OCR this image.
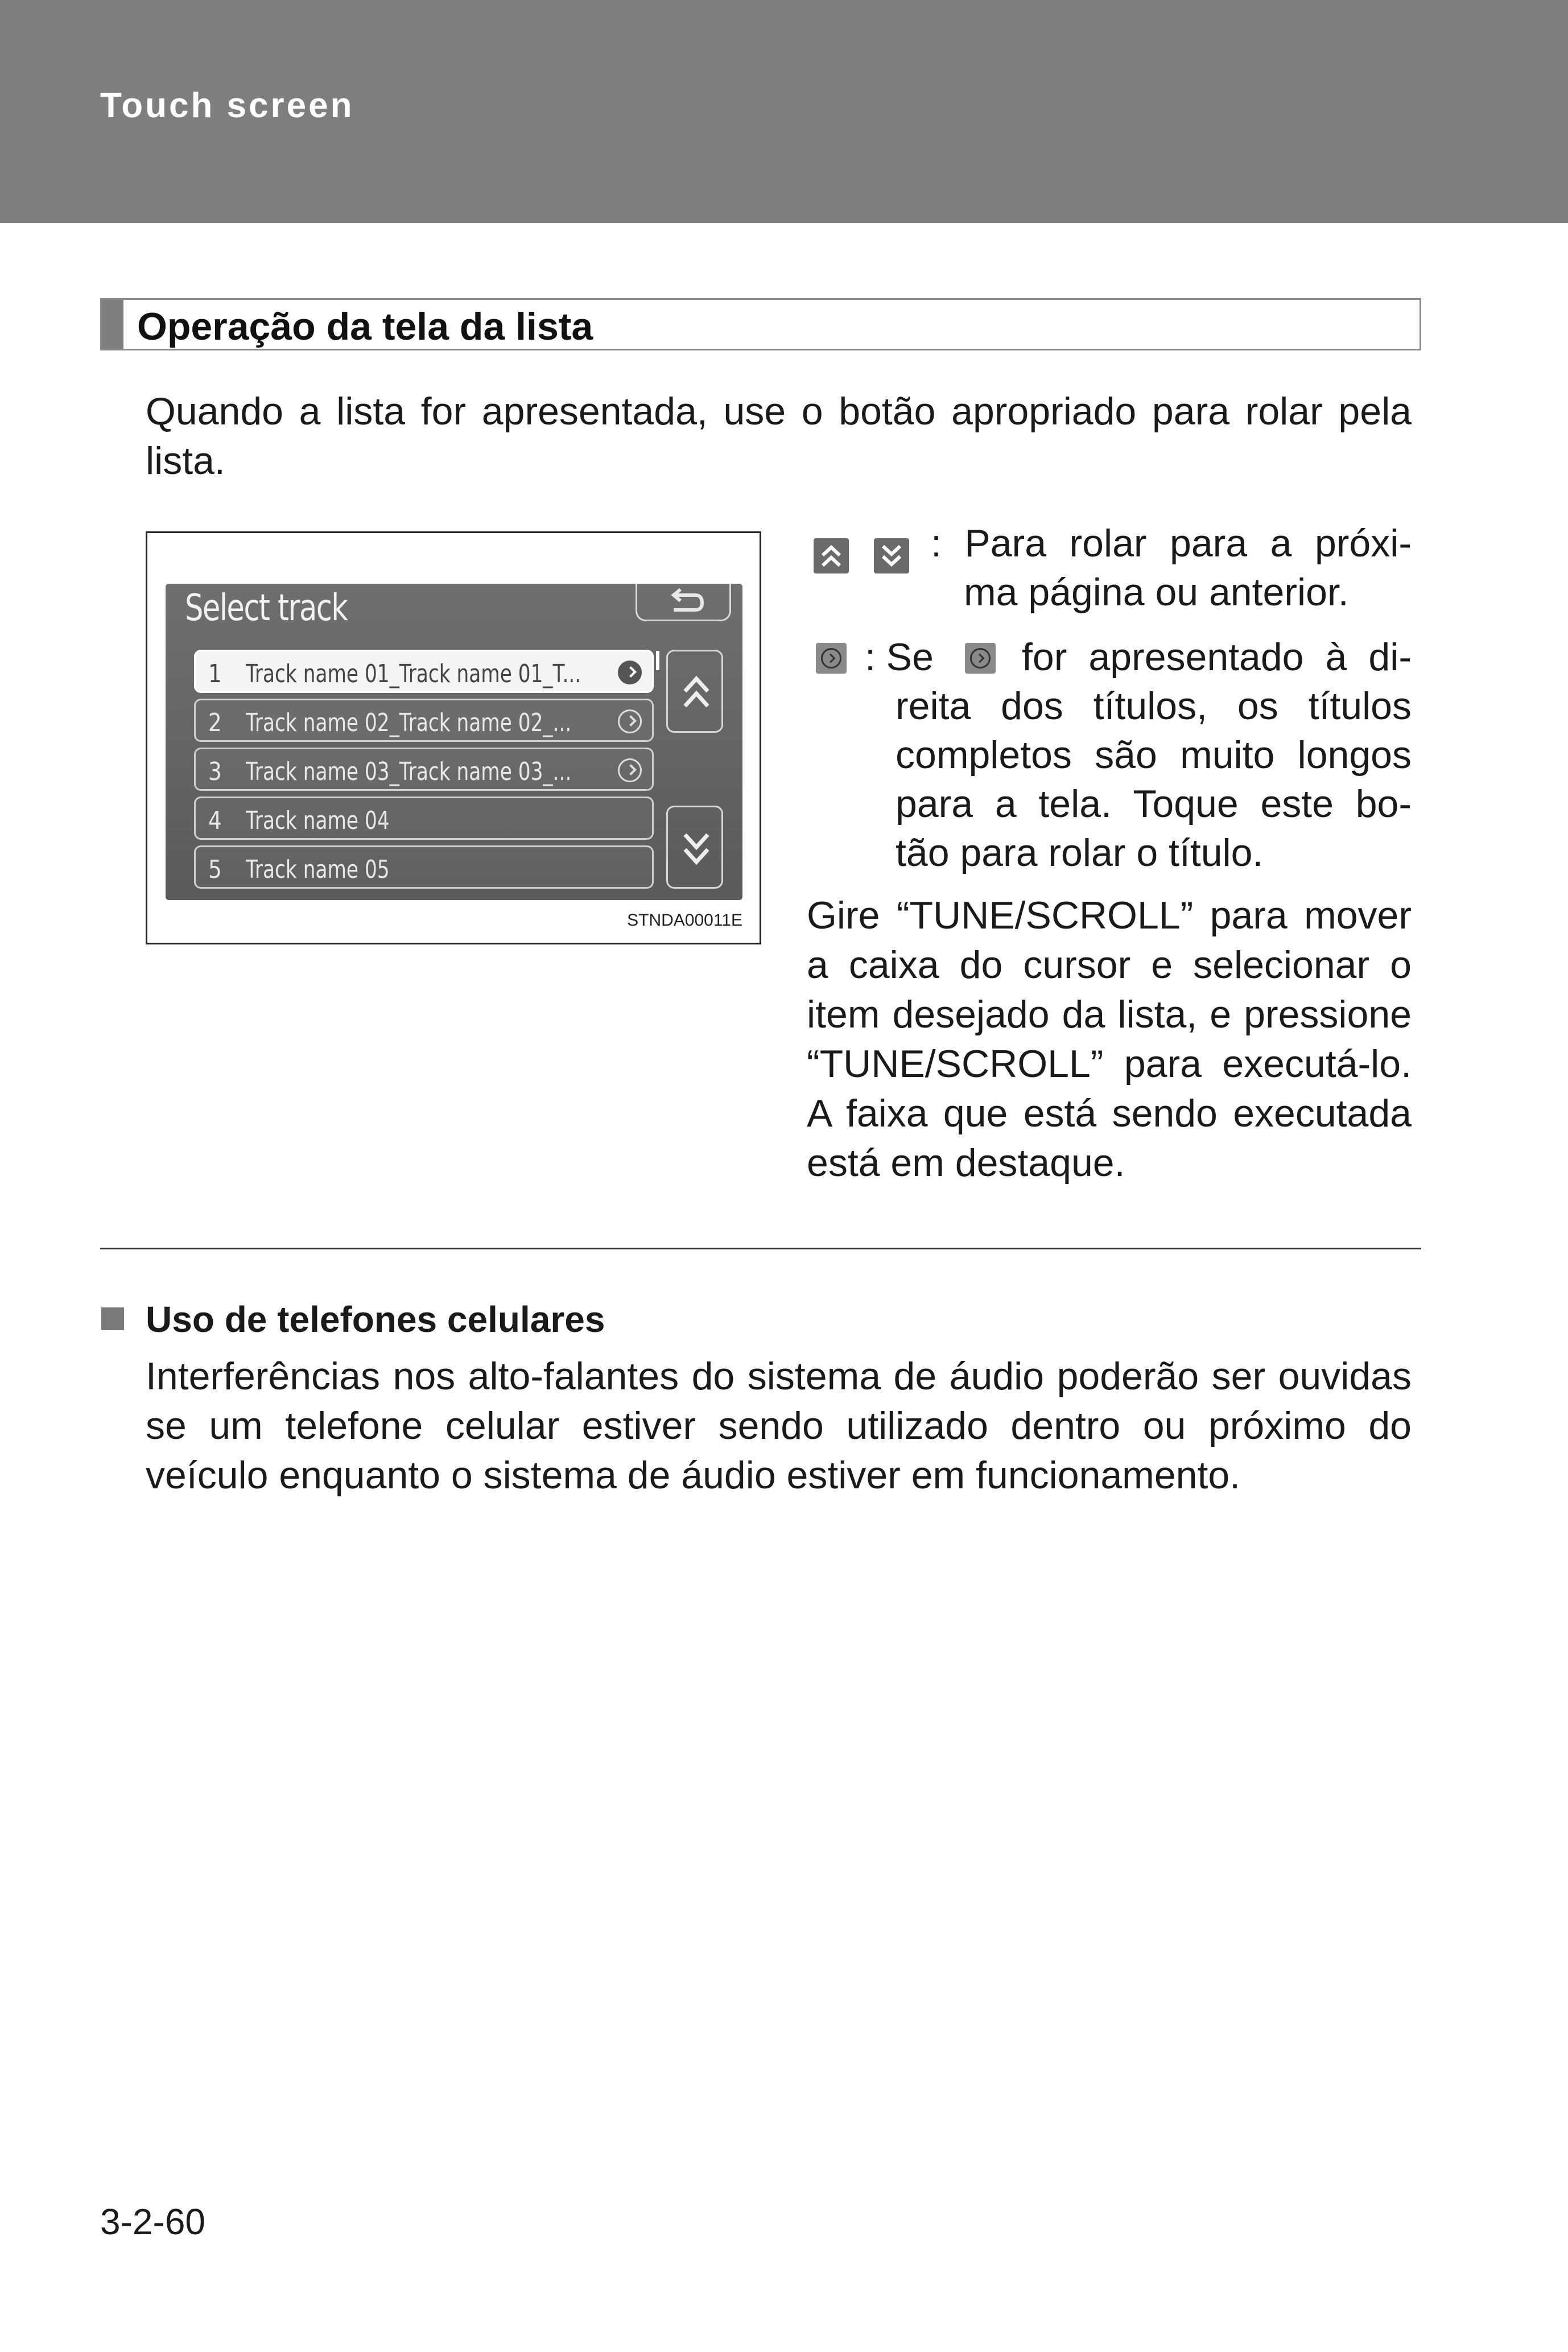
Touch screen
Operação da tela da lista
Quando a lista for apresentada, use o botão apropriado para rolar pela lista.
Select track
1 Track name 01_Track name 01_T...
2 Track name 02_Track name 02_...
3 Track name 03_Track name 03_...
4 Track name 04
5 Track name 05
STNDA00011E
: Para rolar para a próxi-
ma página ou anterior.
: Se for apresentado à di-
reita dos títulos, os títulos
completos são muito longos
para a tela. Toque este bo-
tão para rolar o título.
Gire “TUNE/SCROLL” para mover a caixa do cursor e selecionar o item desejado da lista, e pressione “TUNE/SCROLL” para executá-lo. A faixa que está sendo executada está em destaque.
Uso de telefones celulares
Interferências nos alto-falantes do sistema de áudio poderão ser ouvidas se um telefone celular estiver sendo utilizado dentro ou próximo do veículo enquanto o sistema de áudio estiver em funcionamento.
3-2-60
